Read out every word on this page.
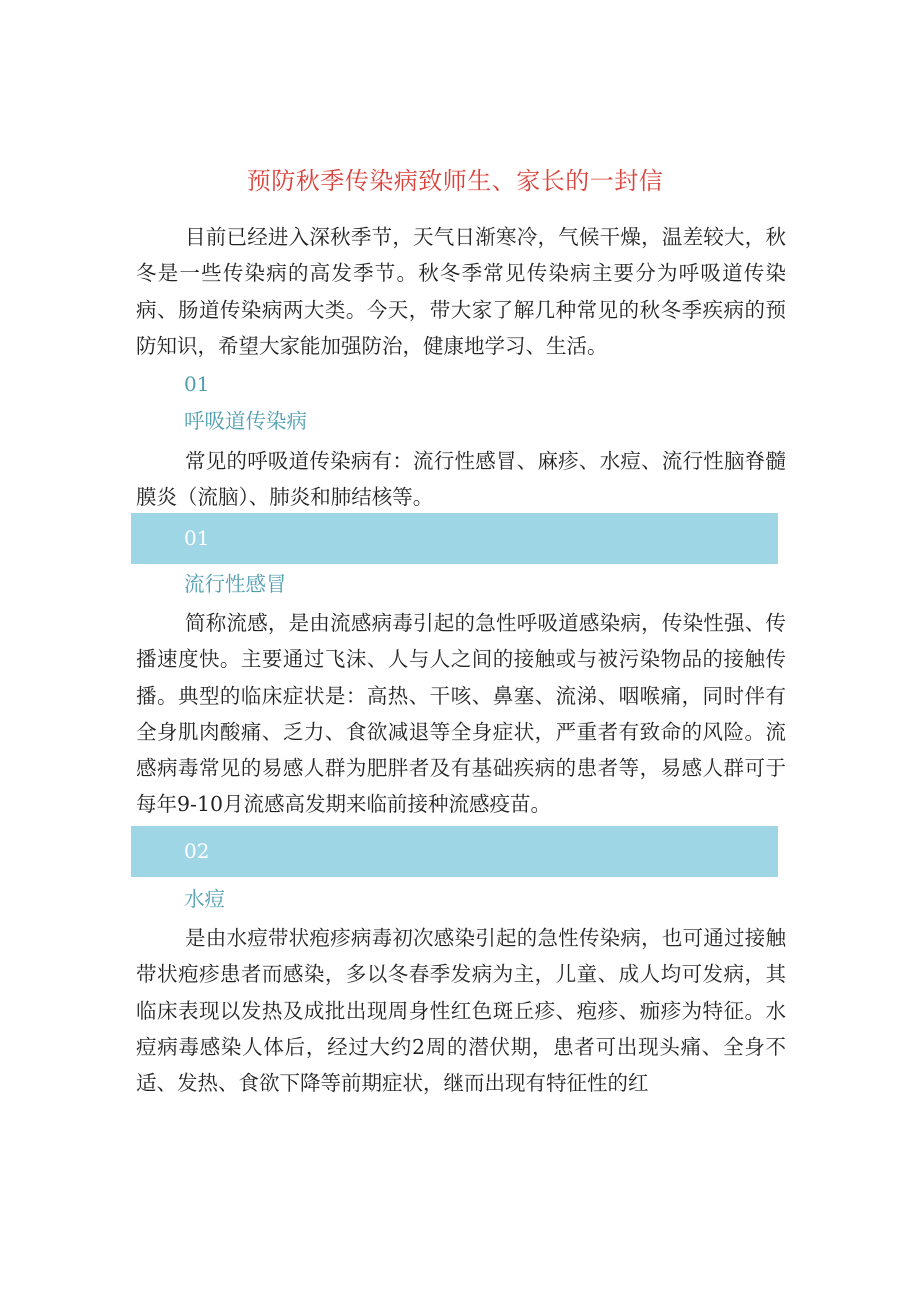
预防秋季传染病致师生、家长的一封信

目前已经进入深秋季节，天气日渐寒冷，气候干燥，温差较大，秋冬是一些传染病的高发季节。秋冬季常见传染病主要分为呼吸道传染病、肠道传染病两大类。今天，带大家了解几种常见的秋冬季疾病的预防知识，希望大家能加强防治，健康地学习、生活。

01
呼吸道传染病

常见的呼吸道传染病有：流行性感冒、麻疹、水痘、流行性脑脊髓膜炎（流脑）、肺炎和肺结核等。

01
流行性感冒

简称流感，是由流感病毒引起的急性呼吸道感染病，传染性强、传播速度快。主要通过飞沫、人与人之间的接触或与被污染物品的接触传播。典型的临床症状是：高热、干咳、鼻塞、流涕、咽喉痛，同时伴有全身肌肉酸痛、乏力、食欲减退等全身症状，严重者有致命的风险。流感病毒常见的易感人群为肥胖者及有基础疾病的患者等，易感人群可于每年9-10月流感高发期来临前接种流感疫苗。

02
水痘

是由水痘带状疱疹病毒初次感染引起的急性传染病，也可通过接触带状疱疹患者而感染，多以冬春季发病为主，儿童、成人均可发病，其临床表现以发热及成批出现周身性红色斑丘疹、疱疹、痂疹为特征。水痘病毒感染人体后，经过大约2周的潜伏期，患者可出现头痛、全身不适、发热、食欲下降等前期症状，继而出现有特征性的红
